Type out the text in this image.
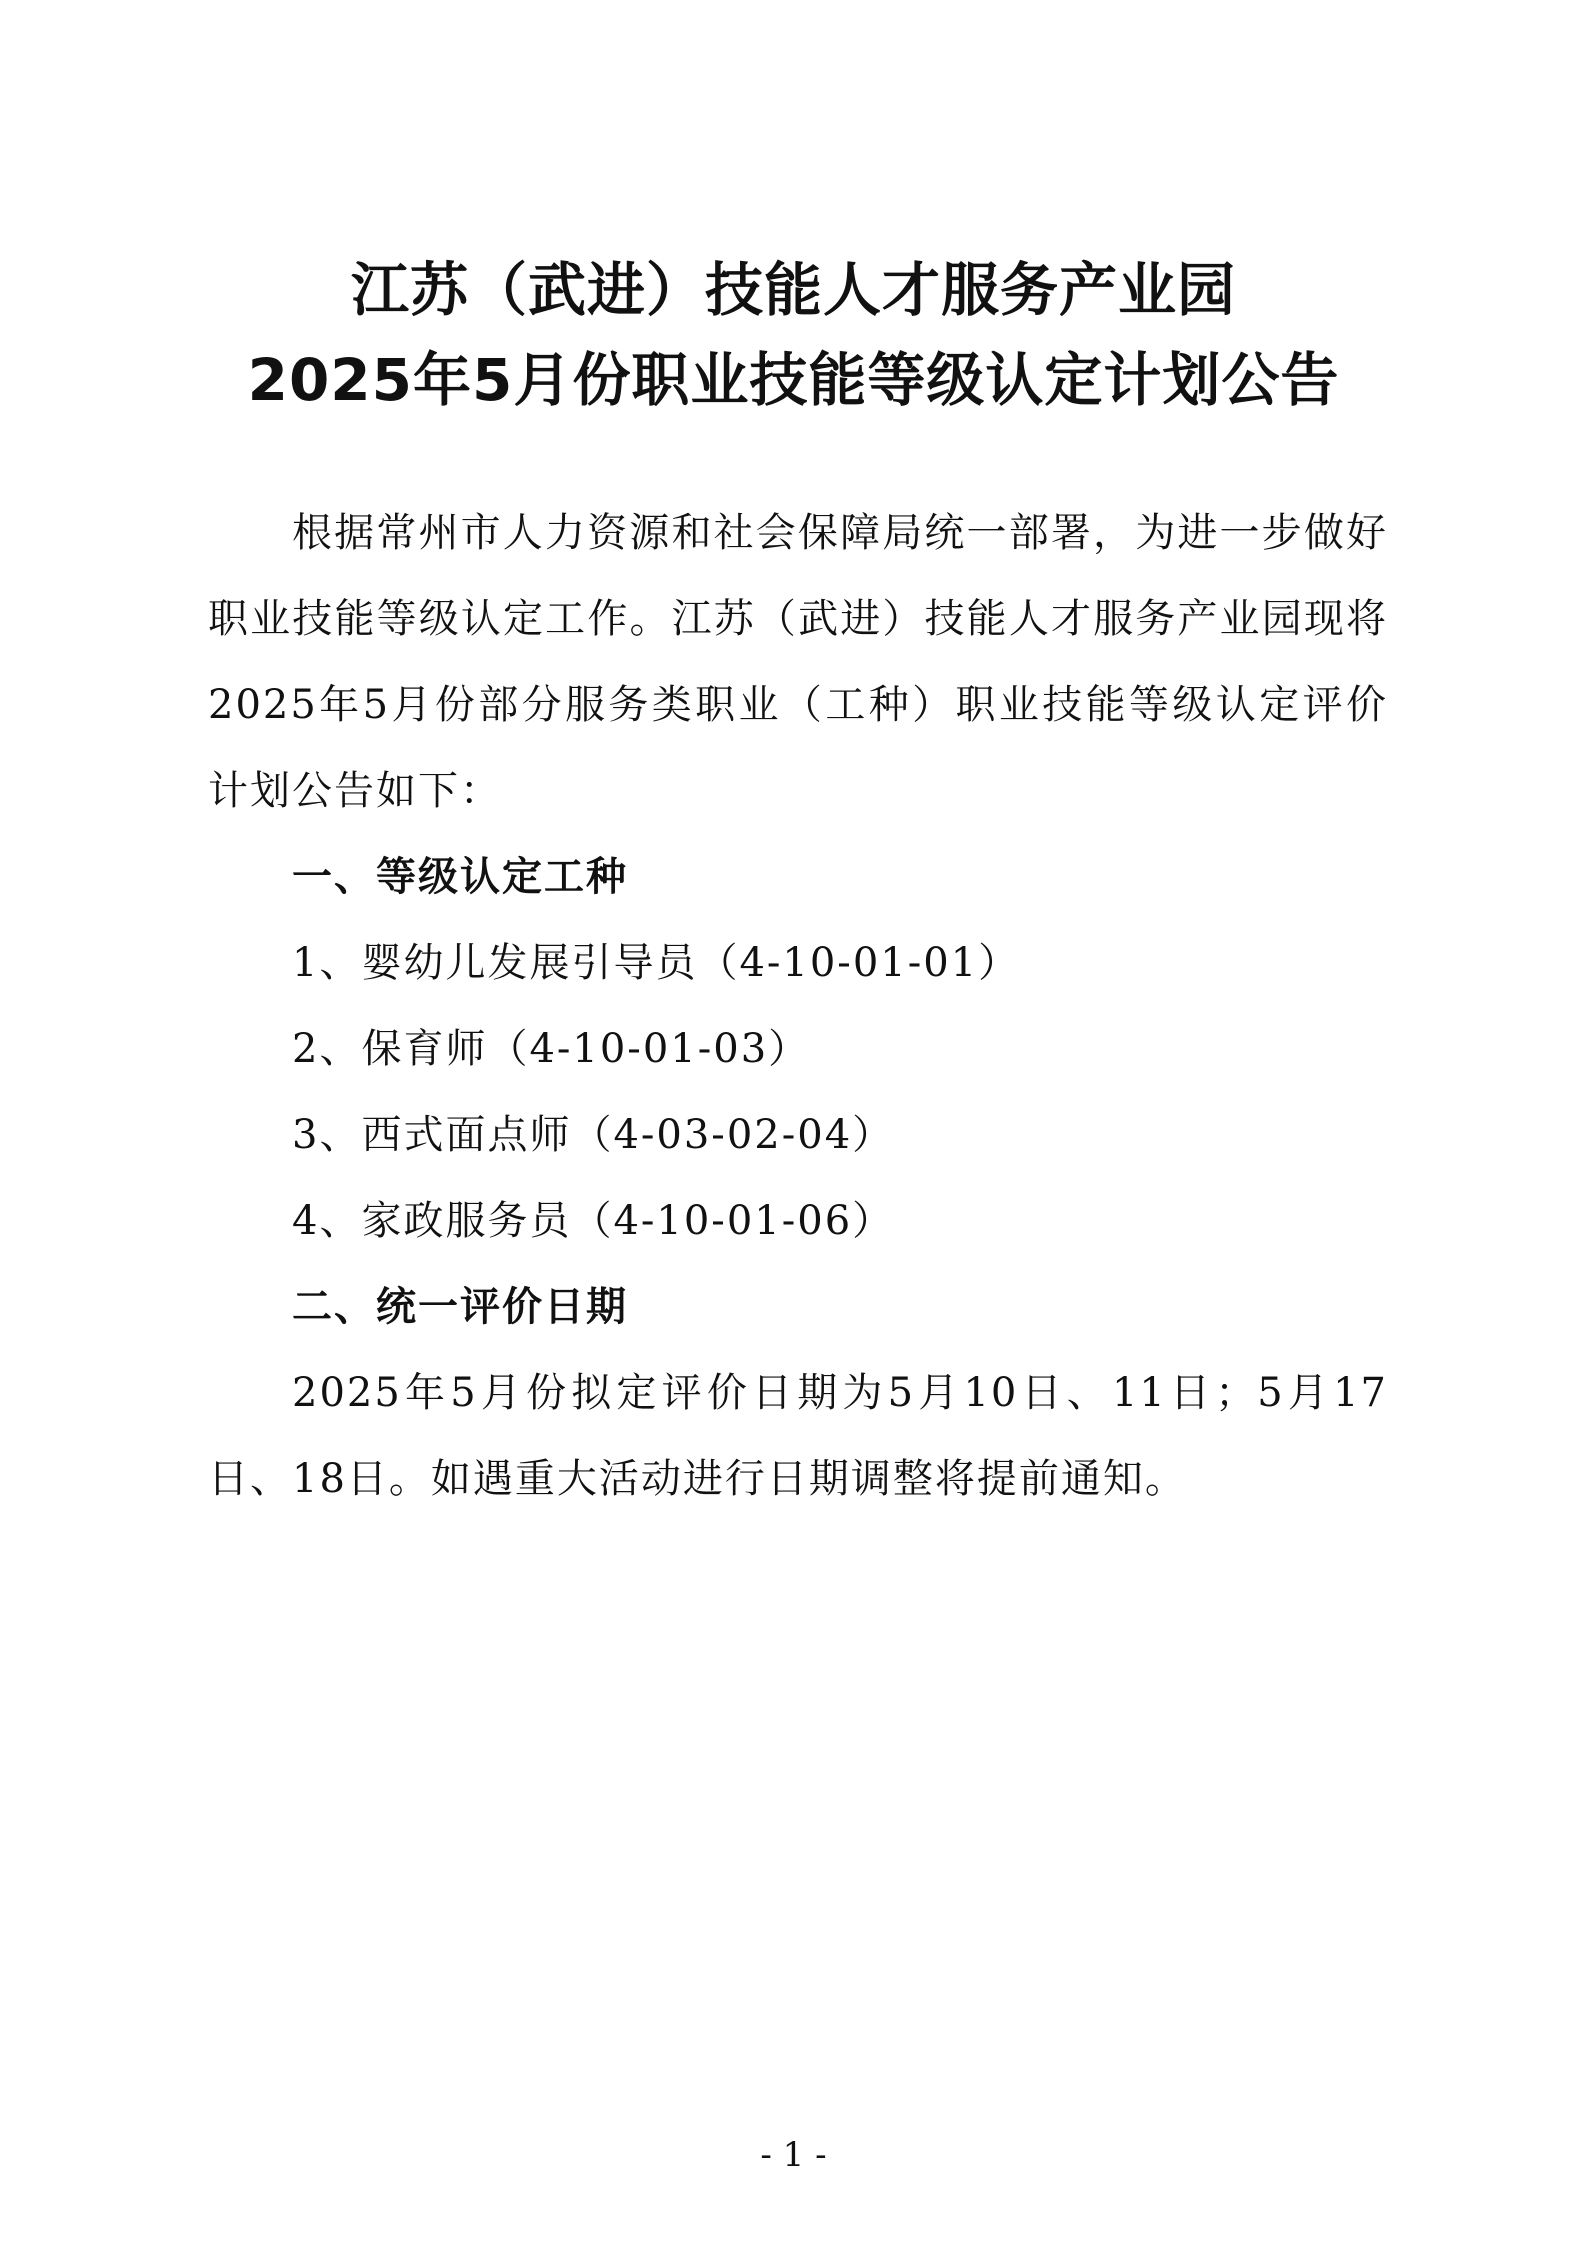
江苏（武进）技能人才服务产业园

2025年5月份职业技能等级认定计划公告

根据常州市人力资源和社会保障局统一部署，为进一步做好职业技能等级认定工作。江苏（武进）技能人才服务产业园现将2025年5月份部分服务类职业（工种）职业技能等级认定评价计划公告如下：

一、等级认定工种

1、婴幼儿发展引导员（4-10-01-01）

2、保育师（4-10-01-03）

3、西式面点师（4-03-02-04）

4、家政服务员（4-10-01-06）

二、统一评价日期

2025年5月份拟定评价日期为5月10日、11日；5月17日、18日。如遇重大活动进行日期调整将提前通知。

- 1 -
